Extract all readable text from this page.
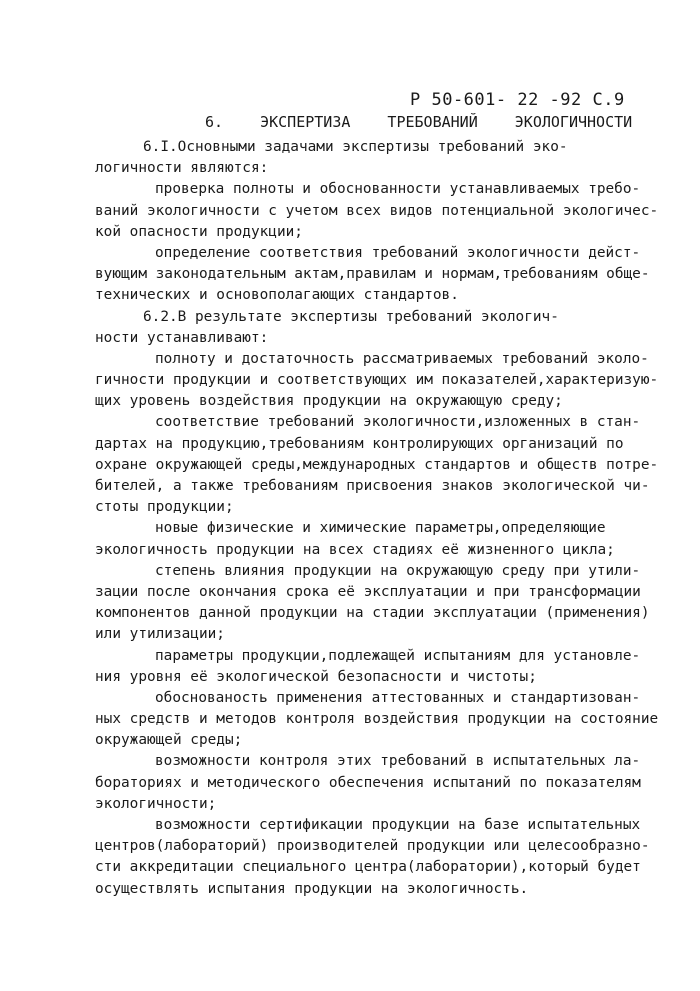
Р 50-601- 22 -92 С.9
6. ЭКСПЕРТИЗА ТРЕБОВАНИЙ ЭКОЛОГИЧНОСТИ
6.I.Основными задачами экспертизы требований эко-
логичности являются:
проверка полноты и обоснованности устанавливаемых требо-
ваний экологичности с учетом всех видов потенциальной экологичес-
кой опасности продукции;
определение соответствия требований экологичности дейст-
вующим законодательным актам,правилам и нормам,требованиям обще-
технических и основополагающих стандартов.
6.2.В результате экспертизы требований экологич-
ности устанавливают:
полноту и достаточность рассматриваемых требований эколо-
гичности продукции и соответствующих им показателей,характеризую-
щих уровень воздействия продукции на окружающую среду;
соответствие требований экологичности,изложенных в стан-
дартах на продукцию,требованиям контролирующих организаций по
охране окружающей среды,международных стандартов и обществ потре-
бителей, а также требованиям присвоения знаков экологической чи-
стоты продукции;
новые физические и химические параметры,определяющие
экологичность продукции на всех стадиях её жизненного цикла;
степень влияния продукции на окружающую среду при утили-
зации после окончания срока её эксплуатации и при трансформации
компонентов данной продукции на стадии эксплуатации (применения)
или утилизации;
параметры продукции,подлежащей испытаниям для установле-
ния уровня её экологической безопасности и чистоты;
обоснованость применения аттестованных и стандартизован-
ных средств и методов контроля воздействия продукции на состояние
окружающей среды;
возможности контроля этих требований в испытательных ла-
бораториях и методического обеспечения испытаний по показателям
экологичности;
возможности сертификации продукции на базе испытательных
центров(лабораторий) производителей продукции или целесообразно-
сти аккредитации специального центра(лаборатории),который будет
осуществлять испытания продукции на экологичность.
